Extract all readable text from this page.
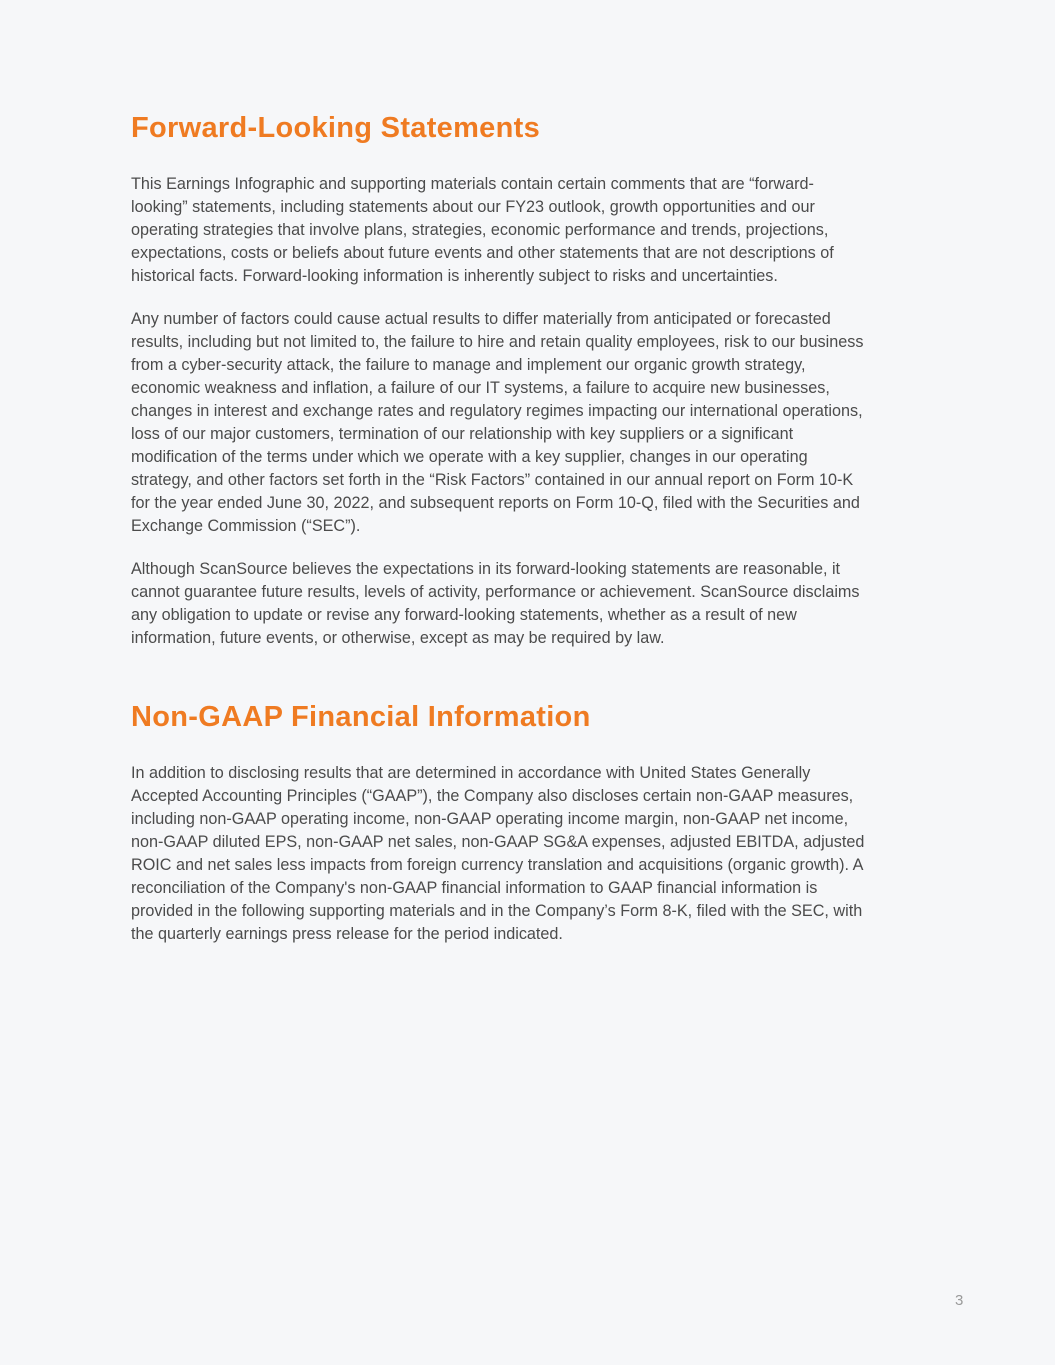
Forward-Looking Statements

This Earnings Infographic and supporting materials contain certain comments that are “forward-
looking” statements, including statements about our FY23 outlook, growth opportunities and our
operating strategies that involve plans, strategies, economic performance and trends, projections,
expectations, costs or beliefs about future events and other statements that are not descriptions of
historical facts. Forward-looking information is inherently subject to risks and uncertainties.

Any number of factors could cause actual results to differ materially from anticipated or forecasted
results, including but not limited to, the failure to hire and retain quality employees, risk to our business
from a cyber-security attack, the failure to manage and implement our organic growth strategy,
economic weakness and inflation, a failure of our IT systems, a failure to acquire new businesses,
changes in interest and exchange rates and regulatory regimes impacting our international operations,
loss of our major customers, termination of our relationship with key suppliers or a significant
modification of the terms under which we operate with a key supplier, changes in our operating
strategy, and other factors set forth in the “Risk Factors” contained in our annual report on Form 10-K
for the year ended June 30, 2022, and subsequent reports on Form 10-Q, filed with the Securities and
Exchange Commission (“SEC”).

Although ScanSource believes the expectations in its forward-looking statements are reasonable, it
cannot guarantee future results, levels of activity, performance or achievement. ScanSource disclaims
any obligation to update or revise any forward-looking statements, whether as a result of new
information, future events, or otherwise, except as may be required by law.

Non-GAAP Financial Information

In addition to disclosing results that are determined in accordance with United States Generally
Accepted Accounting Principles (“GAAP”), the Company also discloses certain non-GAAP measures,
including non-GAAP operating income, non-GAAP operating income margin, non-GAAP net income,
non-GAAP diluted EPS, non-GAAP net sales, non-GAAP SG&A expenses, adjusted EBITDA, adjusted
ROIC and net sales less impacts from foreign currency translation and acquisitions (organic growth). A
reconciliation of the Company's non-GAAP financial information to GAAP financial information is
provided in the following supporting materials and in the Company’s Form 8-K, filed with the SEC, with
the quarterly earnings press release for the period indicated.

3
